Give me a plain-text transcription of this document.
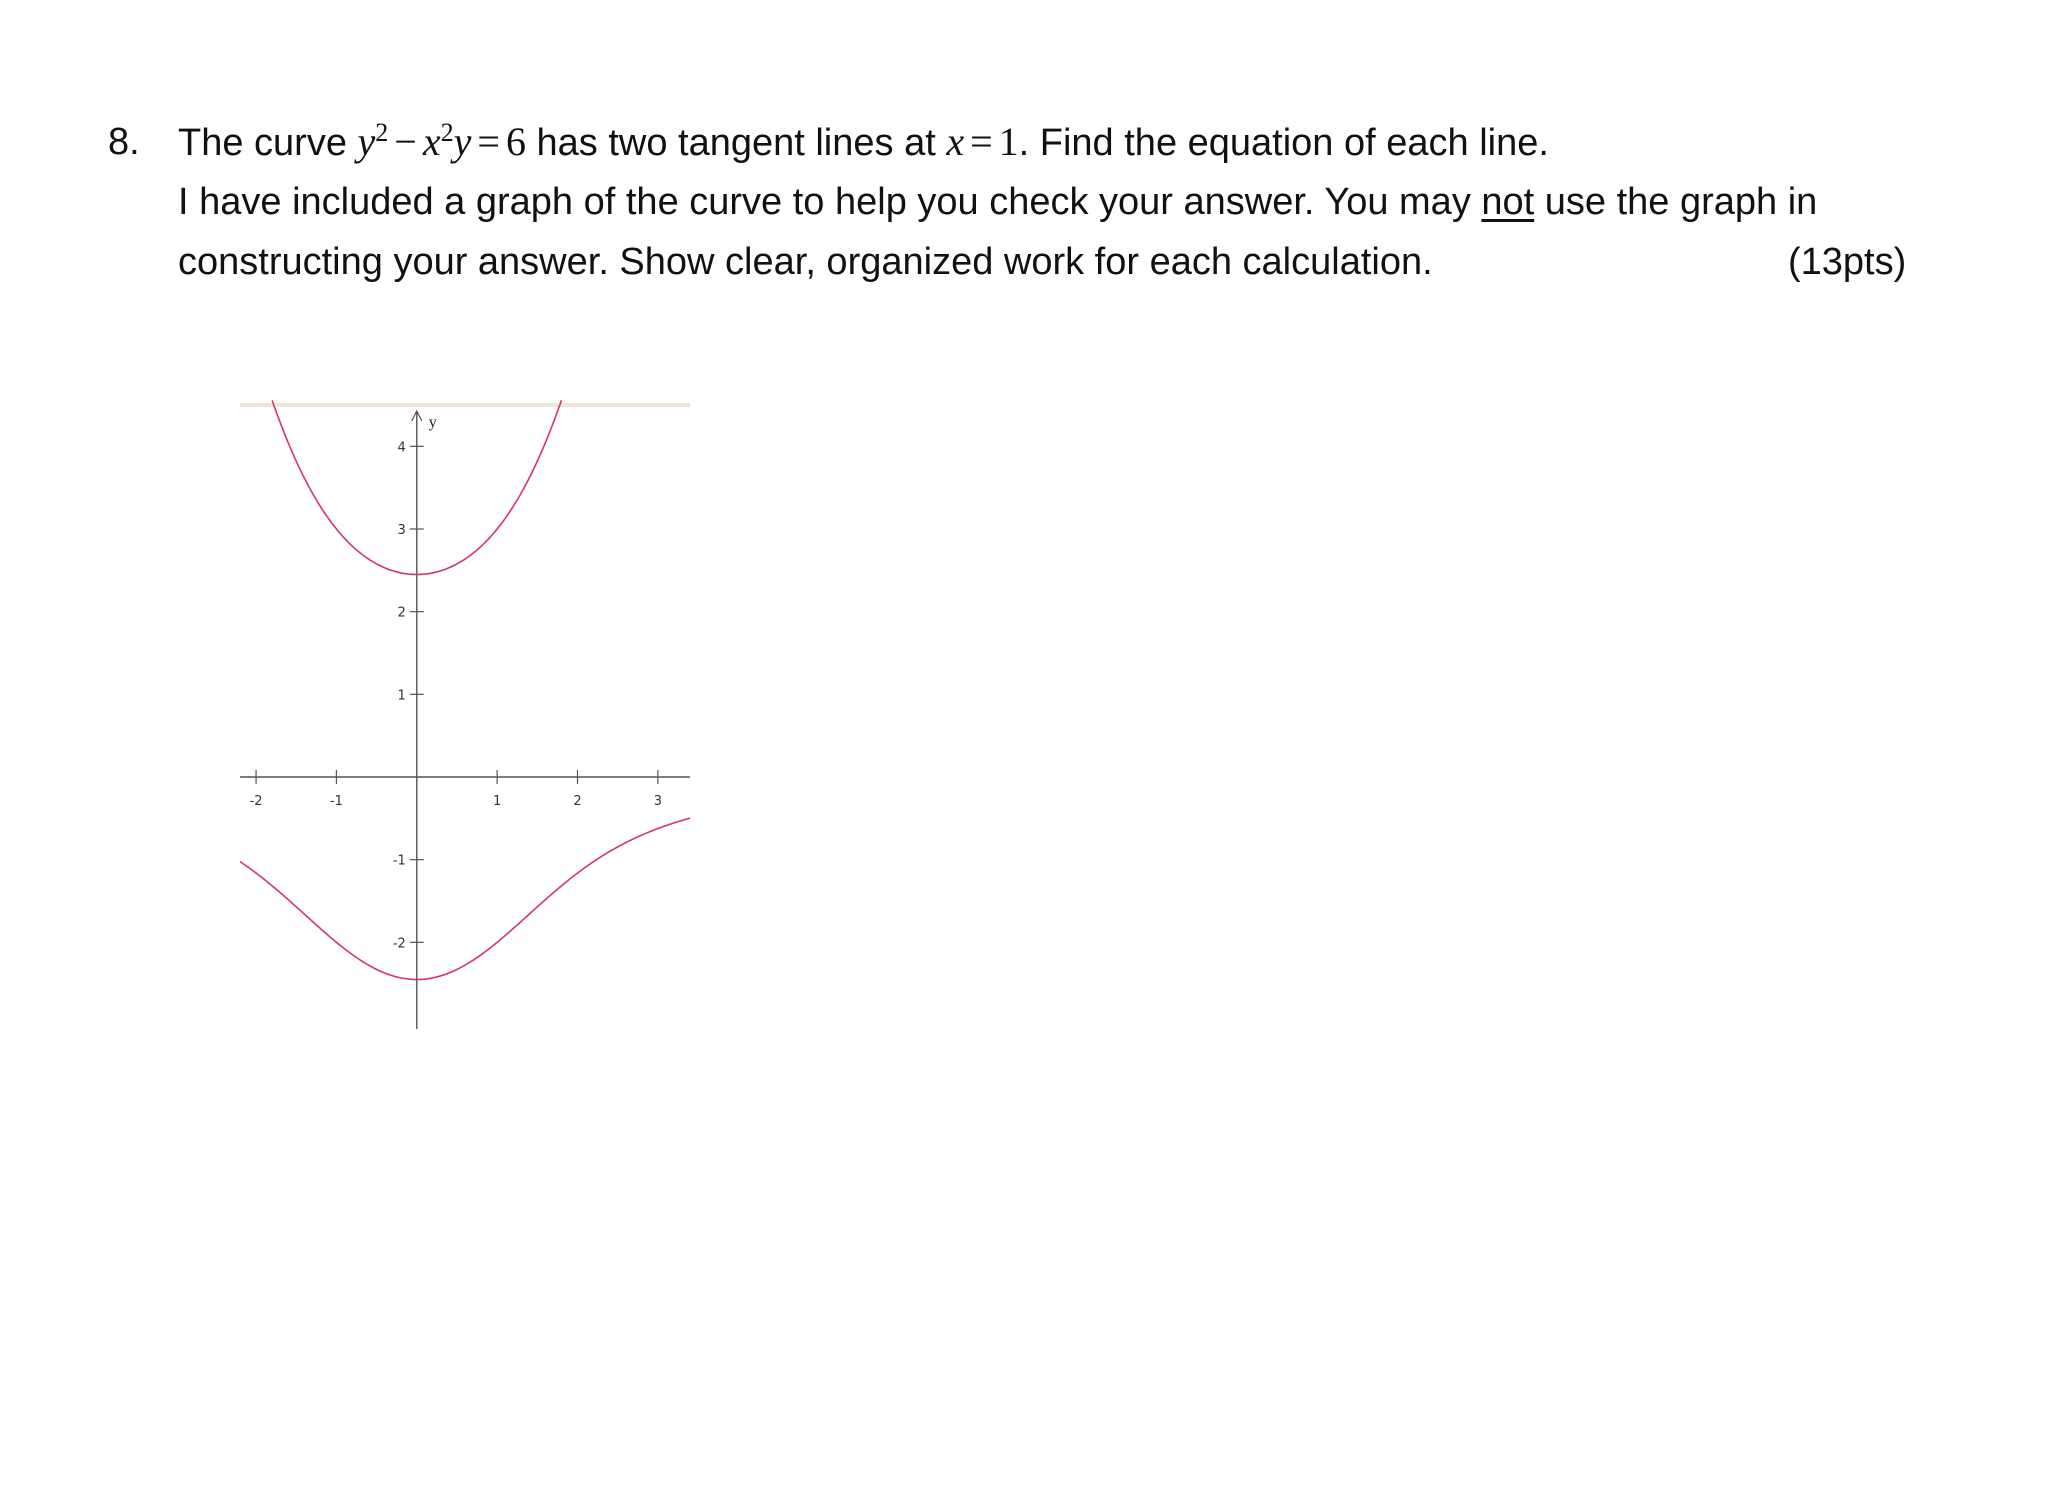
8. The curve $y^2 - x^2y = 6$ has two tangent lines at x = 1. Find the equation of each line.
I have included a graph of the curve to help you check your answer. You may not use the graph in
constructing your answer. Show clear, organized work for each calculation.	(13pts)
y
-2	-1	1	2	3
4
3
2
1
-1
-2
